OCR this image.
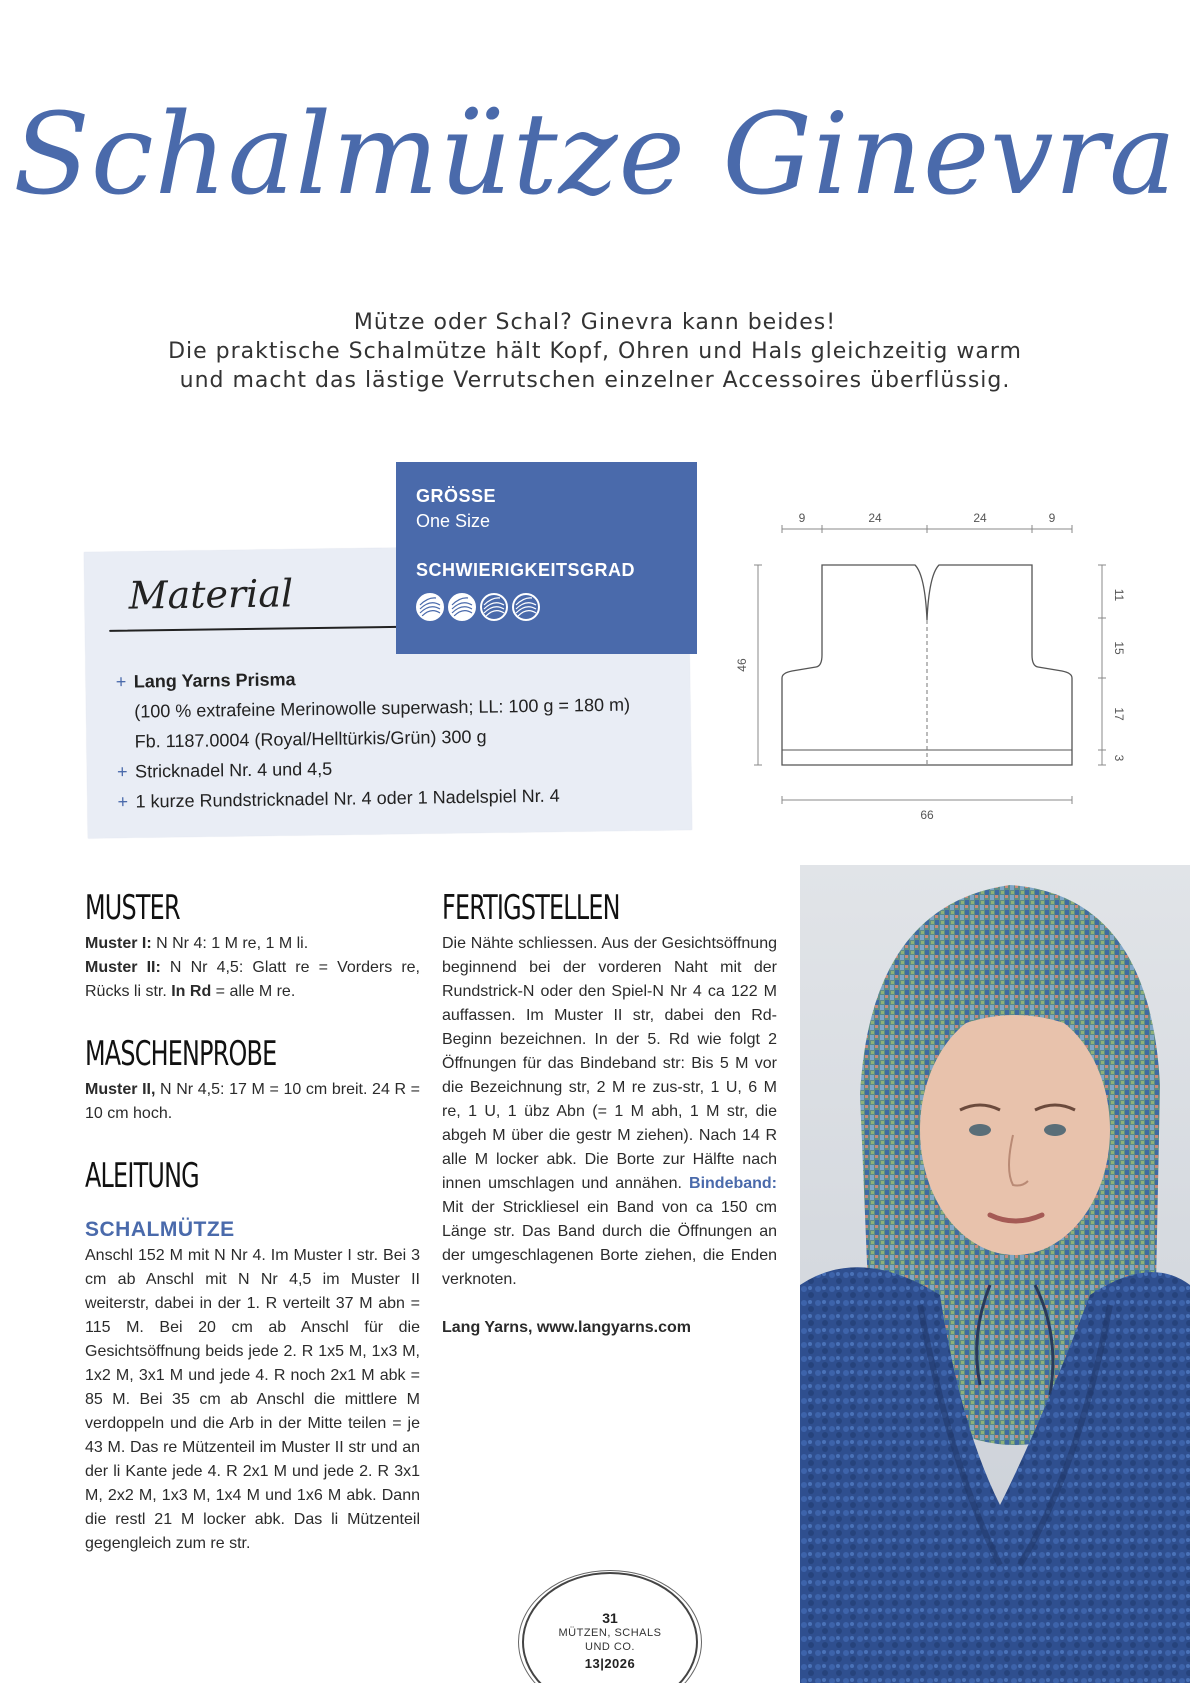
Schalmütze Ginevra
Mütze oder Schal? Ginevra kann beides!
Die praktische Schalmütze hält Kopf, Ohren und Hals gleichzeitig warm
und macht das lästige Verrutschen einzelner Accessoires überflüssig.
Material
+ Lang Yarns Prisma
(100 % extrafeine Merinowolle superwash; LL: 100 g = 180 m)
Fb. 1187.0004 (Royal/Helltürkis/Grün) 300 g
+ Stricknadel Nr. 4 und 4,5
+ 1 kurze Rundstricknadel Nr. 4 oder 1 Nadelspiel Nr. 4
GRÖSSE
One Size
SCHWIERIGKEITSGRAD
9	24	24	9
11
15
17
3
46
66
MUSTER

Muster I: N Nr 4: 1 M re, 1 M li.
Muster II: N Nr 4,5: Glatt re = Vorders re, Rücks li str. In Rd = alle M re.

MASCHENPROBE

Muster II, N Nr 4,5: 17 M = 10 cm breit. 24 R = 10 cm hoch.

ALEITUNG
SCHALMÜTZE

Anschl 152 M mit N Nr 4. Im Muster I str. Bei 3 cm ab Anschl mit N Nr 4,5 im Muster II weiterstr, dabei in der 1. R verteilt 37 M abn = 115 M. Bei 20 cm ab Anschl für die Gesichtsöffnung beids jede 2. R 1x5 M, 1x3 M, 1x2 M, 3x1 M und jede 4. R noch 2x1 M abk = 85 M. Bei 35 cm ab Anschl die mittlere M verdoppeln und die Arb in der Mitte teilen = je 43 M. Das re Mützenteil im Muster II str und an der li Kante jede 4. R 2x1 M und jede 2. R 3x1 M, 2x2 M, 1x3 M, 1x4 M und 1x6 M abk. Dann die restl 21 M locker abk. Das li Mützenteil gegengleich zum re str.

FERTIGSTELLEN

Die Nähte schliessen. Aus der Gesichtsöffnung beginnend bei der vorderen Naht mit der Rundstrick-N oder den Spiel-N Nr 4 ca 122 M auffassen. Im Muster II str, dabei den Rd-Beginn bezeichnen. In der 5. Rd wie folgt 2 Öffnungen für das Bindeband str: Bis 5 M vor die Bezeichnung str, 2 M re zus-str, 1 U, 6 M re, 1 U, 1 übz Abn (= 1 M abh, 1 M str, die abgeh M über die gestr M ziehen). Nach 14 R alle M locker abk. Die Borte zur Hälfte nach innen umschlagen und annähen. Bindeband: Mit der Strickliesel ein Band von ca 150 cm Länge str. Das Band durch die Öffnungen an der umgeschlagenen Borte ziehen, die Enden verknoten.

Lang Yarns, www.langyarns.com
31
MÜTZEN, SCHALS
UND CO.
13|2026
